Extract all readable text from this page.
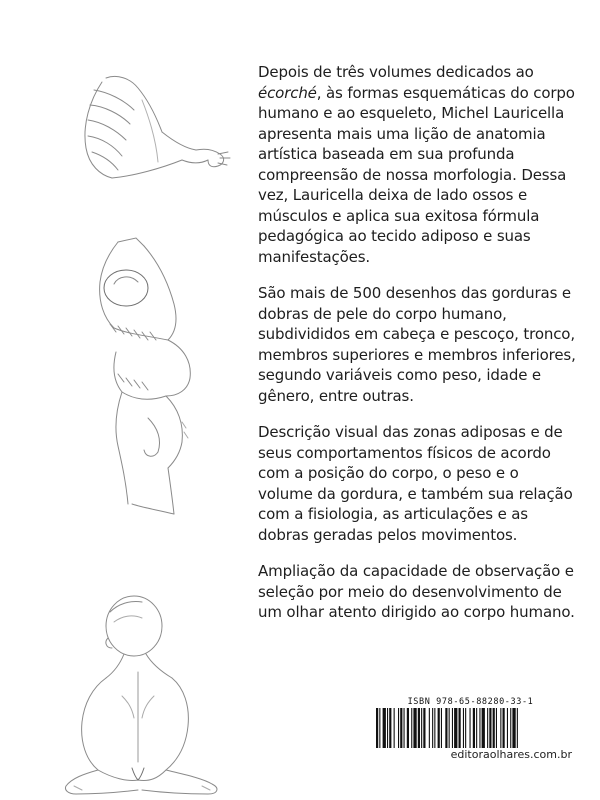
Depois de três volumes dedicados ao écorché, às formas esquemáticas do corpo humano e ao esqueleto, Michel Lauricella apresenta mais uma lição de anatomia artística baseada em sua profunda compreensão de nossa morfologia. Dessa vez, Lauricella deixa de lado ossos e músculos e aplica sua exitosa fórmula pedagógica ao tecido adiposo e suas manifestações.

São mais de 500 desenhos das gorduras e dobras de pele do corpo humano, subdivididos em cabeça e pescoço, tronco, membros superiores e membros inferiores, segundo variáveis como peso, idade e gênero, entre outras.

Descrição visual das zonas adiposas e de seus comportamentos físicos de acordo com a posição do corpo, o peso e o volume da gordura, e também sua relação com a fisiologia, as articulações e as dobras geradas pelos movimentos.

Ampliação da capacidade de observação e seleção por meio do desenvolvimento de um olhar atento dirigido ao corpo humano.

ISBN 978-65-88280-33-1
editoraolhares.com.br
